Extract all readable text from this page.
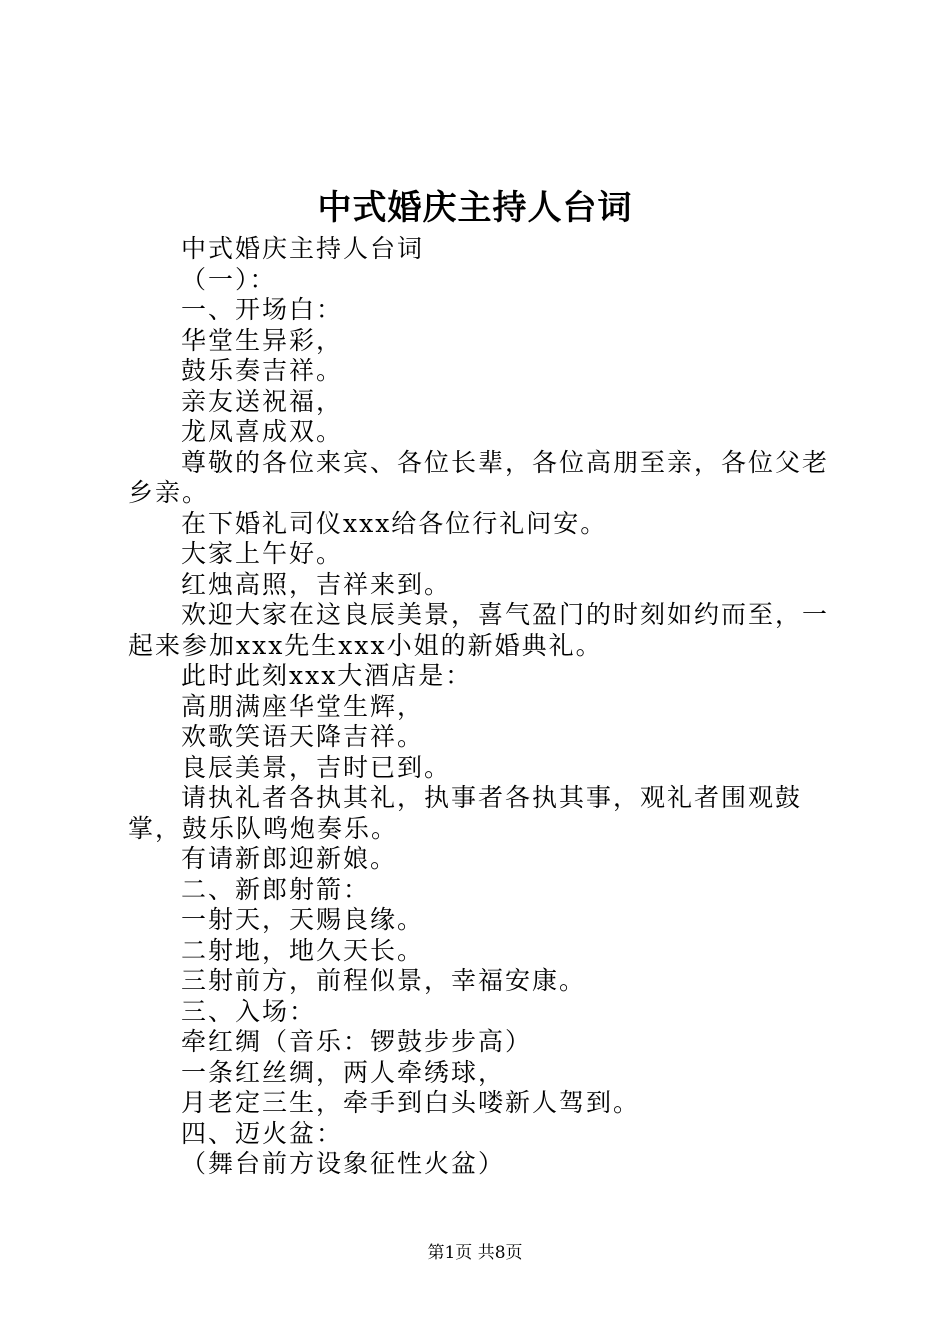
中式婚庆主持人台词

中式婚庆主持人台词

（一）：

一、开场白：

华堂生异彩，

鼓乐奏吉祥。

亲友送祝福，

龙凤喜成双。

尊敬的各位来宾、各位长辈，各位高朋至亲，各位父老乡亲。

在下婚礼司仪xxx给各位行礼问安。

大家上午好。

红烛高照，吉祥来到。

欢迎大家在这良辰美景，喜气盈门的时刻如约而至，一起来参加xxx先生xxx小姐的新婚典礼。

此时此刻xxx大酒店是：

高朋满座华堂生辉，

欢歌笑语天降吉祥。

良辰美景，吉时已到。

请执礼者各执其礼，执事者各执其事，观礼者围观鼓掌，鼓乐队鸣炮奏乐。

有请新郎迎新娘。

二、新郎射箭：

一射天，天赐良缘。

二射地，地久天长。

三射前方，前程似景，幸福安康。

三、入场：

牵红绸（音乐：锣鼓步步高）

一条红丝绸，两人牵绣球，

月老定三生，牵手到白头喽新人驾到。

四、迈火盆：

（舞台前方设象征性火盆）

第1页 共8页
